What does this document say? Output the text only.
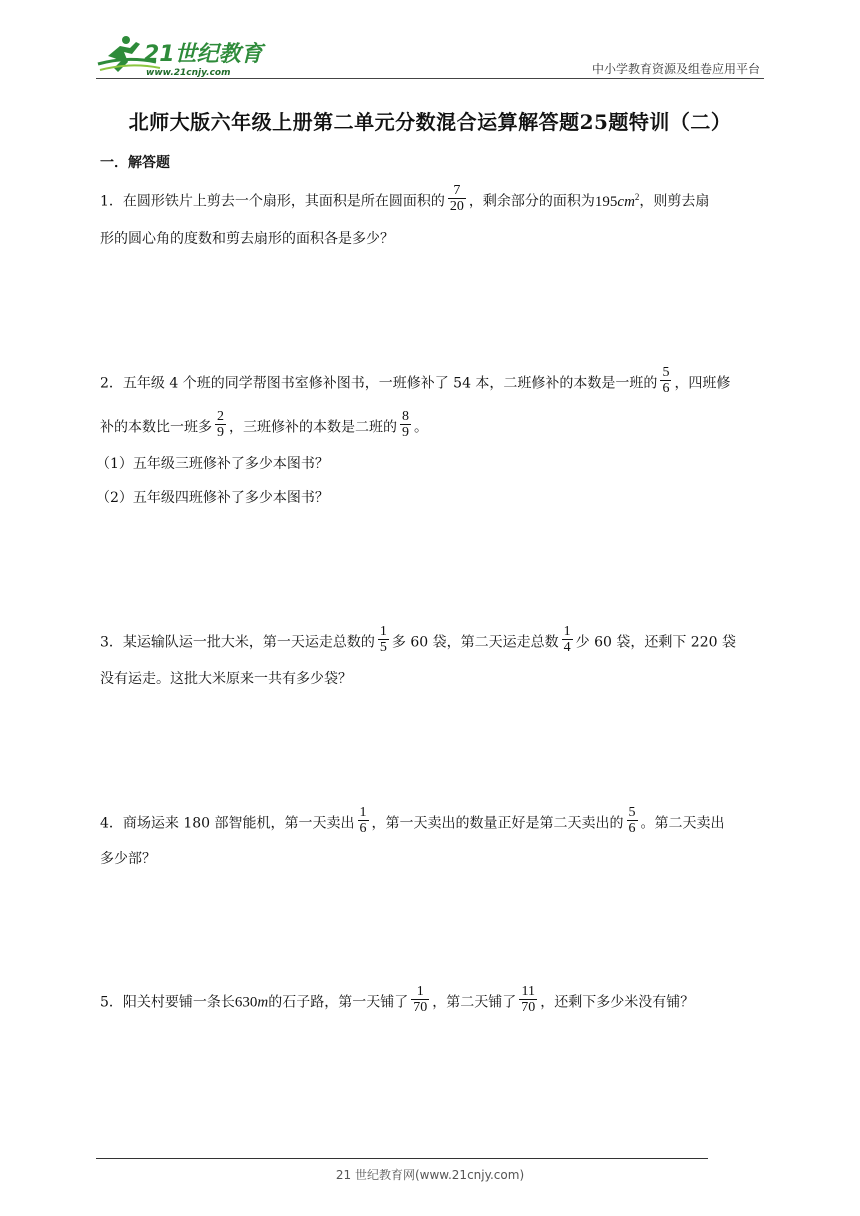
21世纪教育
www.21cnjy.com	中小学教育资源及组卷应用平台
北师大版六年级上册第二单元分数混合运算解答题25题特训（二）
一．解答题
1．在圆形铁片上剪去一个扇形，其面积是所在圆面积的 $\frac{7}{20}$ ，剩余部分的面积为$195cm^2$，则剪去扇
形的圆心角的度数和剪去扇形的面积各是多少？
2．五年级 4 个班的同学帮图书室修补图书，一班修补了 54 本，二班修补的本数是一班的 $\frac{5}{6}$ ，四班修
补的本数比一班多 $\frac{2}{9}$ ，三班修补的本数是二班的 $\frac{8}{9}$ 。
（1）五年级三班修补了多少本图书？
（2）五年级四班修补了多少本图书？
3．某运输队运一批大米，第一天运走总数的 $\frac{1}{5}$ 多 60 袋，第二天运走总数 $\frac{1}{4}$ 少 60 袋，还剩下 220 袋
没有运走。这批大米原来一共有多少袋？
4．商场运来 180 部智能机，第一天卖出 $\frac{1}{6}$ ，第一天卖出的数量正好是第二天卖出的 $\frac{5}{6}$ 。第二天卖出
多少部？
5．阳关村要铺一条长630m的石子路，第一天铺了 $\frac{1}{70}$ ，第二天铺了 $\frac{11}{70}$ ，还剩下多少米没有铺？
21 世纪教育网(www.21cnjy.com)
